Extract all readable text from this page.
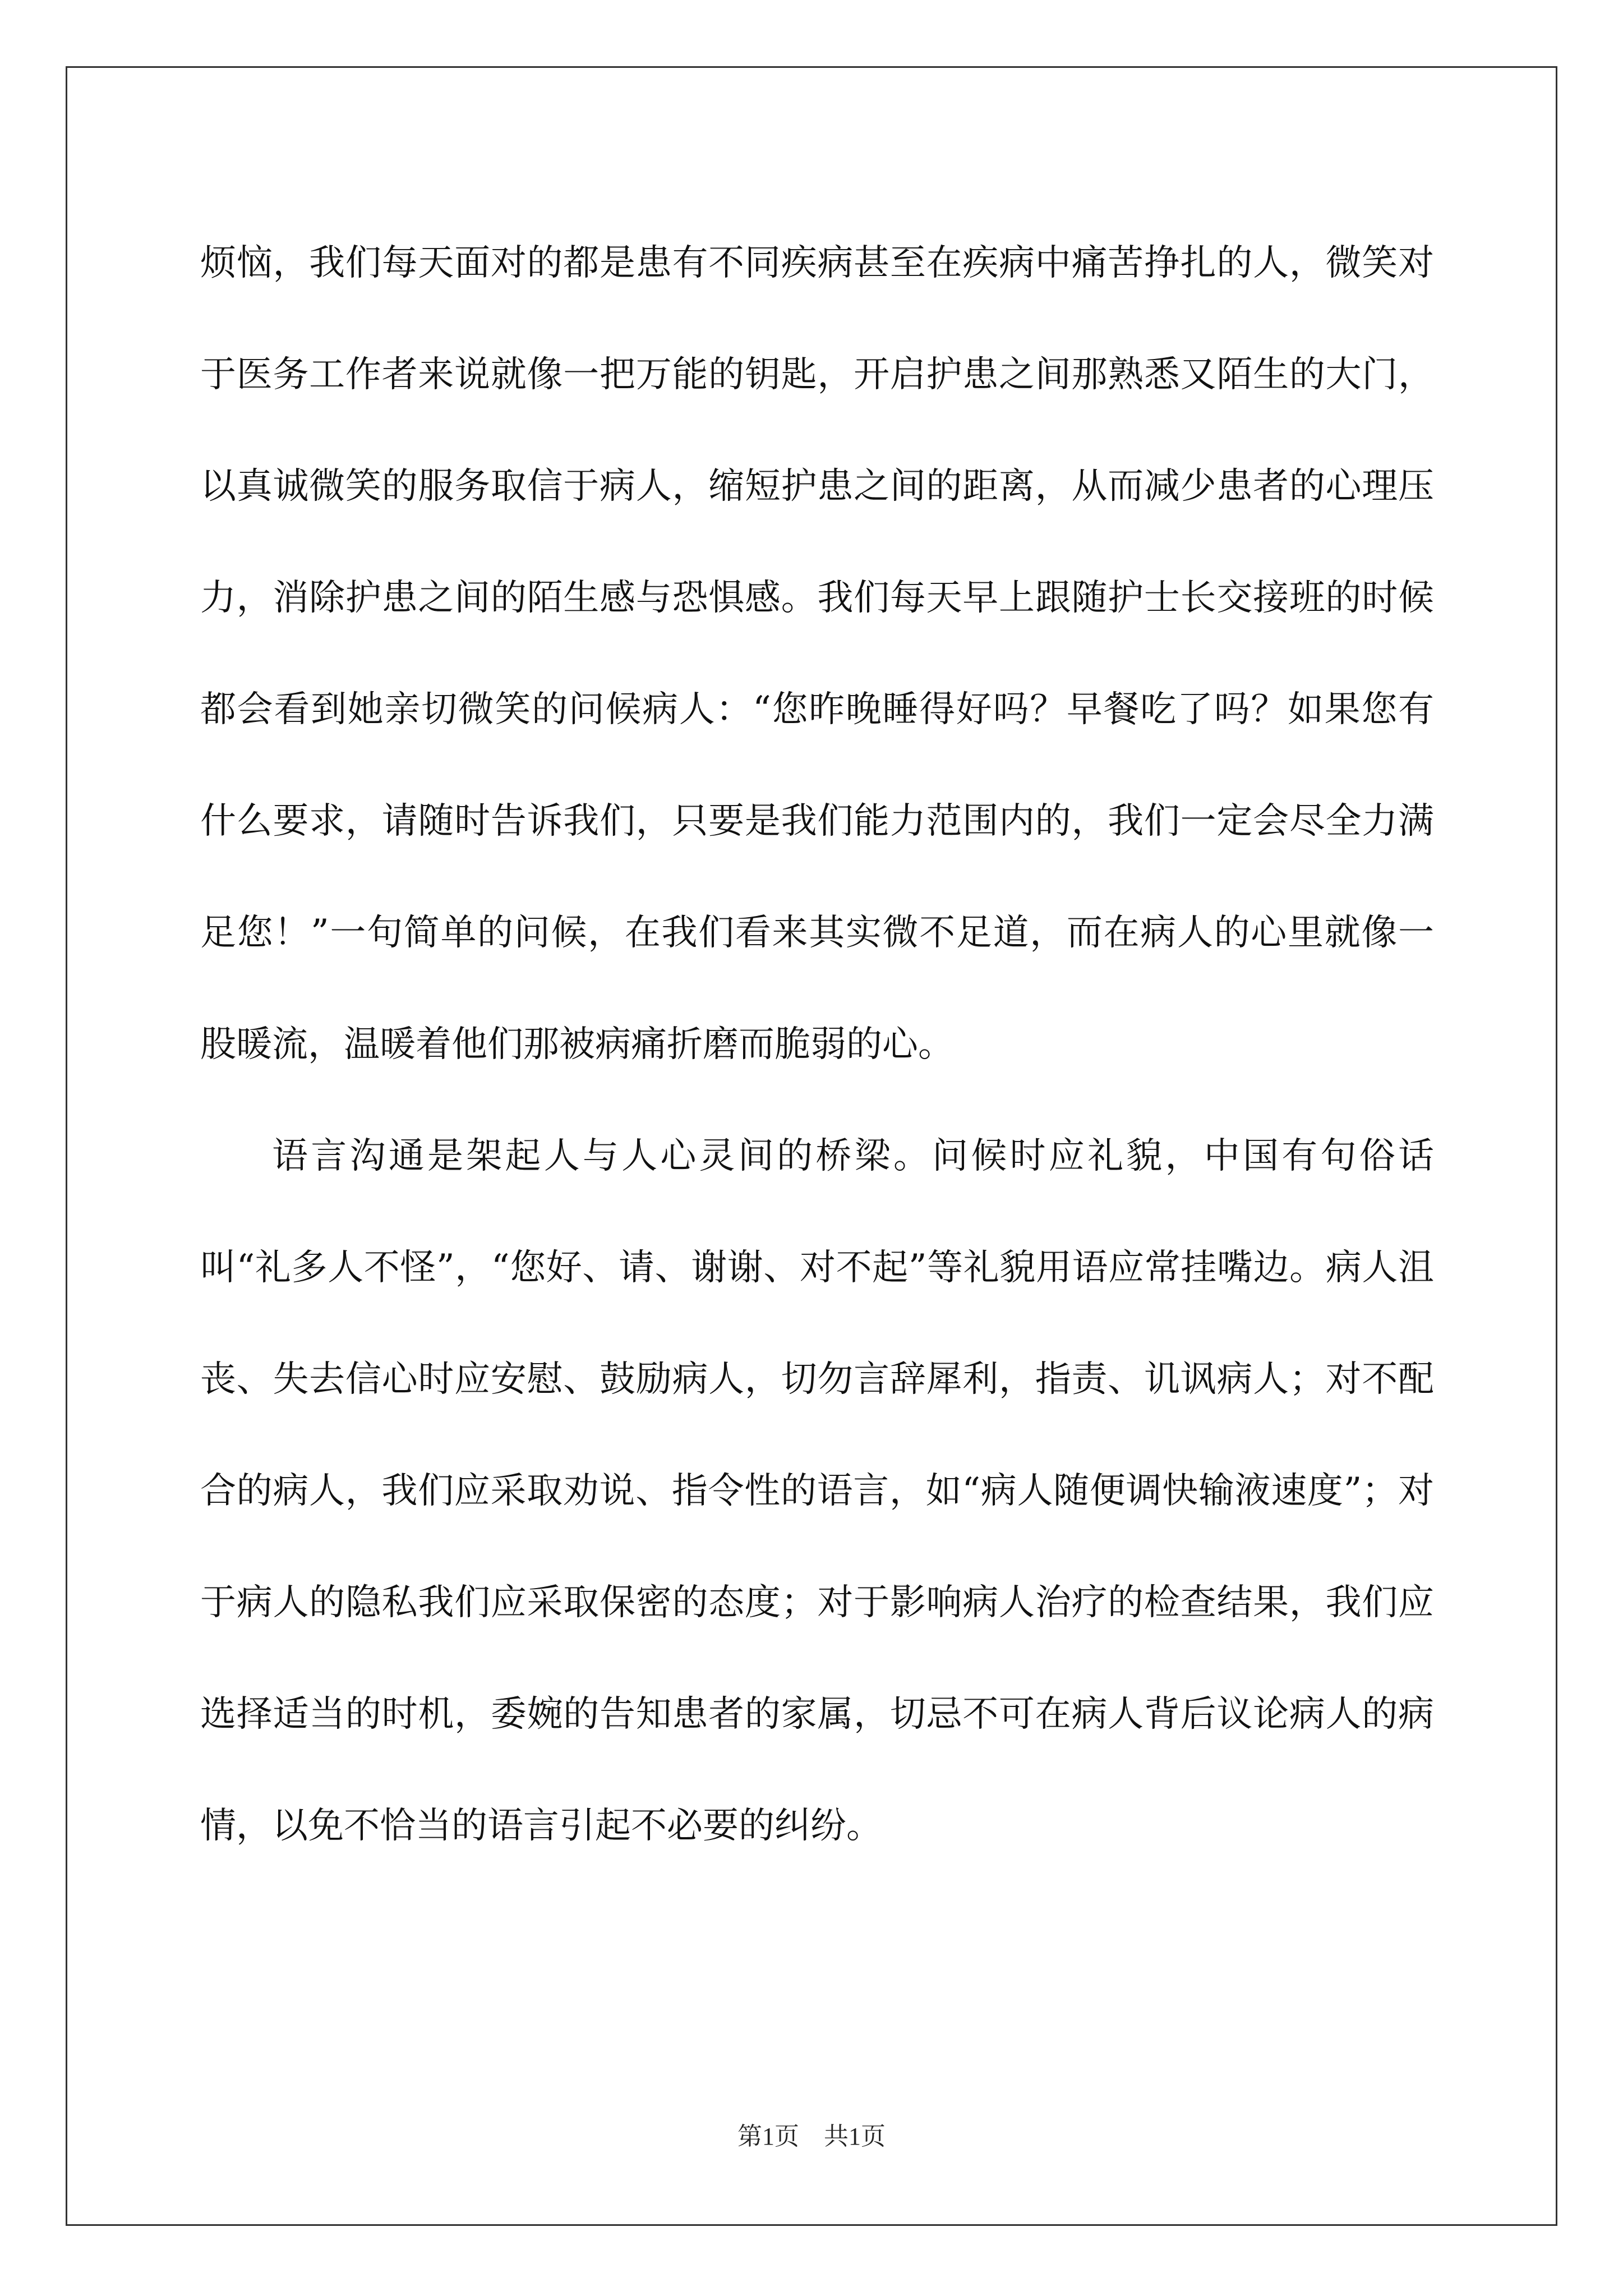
烦恼，我们每天面对的都是患有不同疾病甚至在疾病中痛苦挣扎的人，微笑对于医务工作者来说就像一把万能的钥匙，开启护患之间那熟悉又陌生的大门，以真诚微笑的服务取信于病人，缩短护患之间的距离，从而减少患者的心理压力，消除护患之间的陌生感与恐惧感。我们每天早上跟随护士长交接班的时候都会看到她亲切微笑的问候病人：“您昨晚睡得好吗？早餐吃了吗？如果您有什么要求，请随时告诉我们，只要是我们能力范围内的，我们一定会尽全力满足您！”一句简单的问候，在我们看来其实微不足道，而在病人的心里就像一股暖流，温暖着他们那被病痛折磨而脆弱的心。

语言沟通是架起人与人心灵间的桥梁。问候时应礼貌，中国有句俗话叫“礼多人不怪”，“您好、请、谢谢、对不起”等礼貌用语应常挂嘴边。病人沮丧、失去信心时应安慰、鼓励病人，切勿言辞犀利，指责、讥讽病人；对不配合的病人，我们应采取劝说、指令性的语言，如“病人随便调快输液速度”；对于病人的隐私我们应采取保密的态度；对于影响病人治疗的检查结果，我们应选择适当的时机，委婉的告知患者的家属，切忌不可在病人背后议论病人的病情，以免不恰当的语言引起不必要的纠纷。

第1页　共1页
